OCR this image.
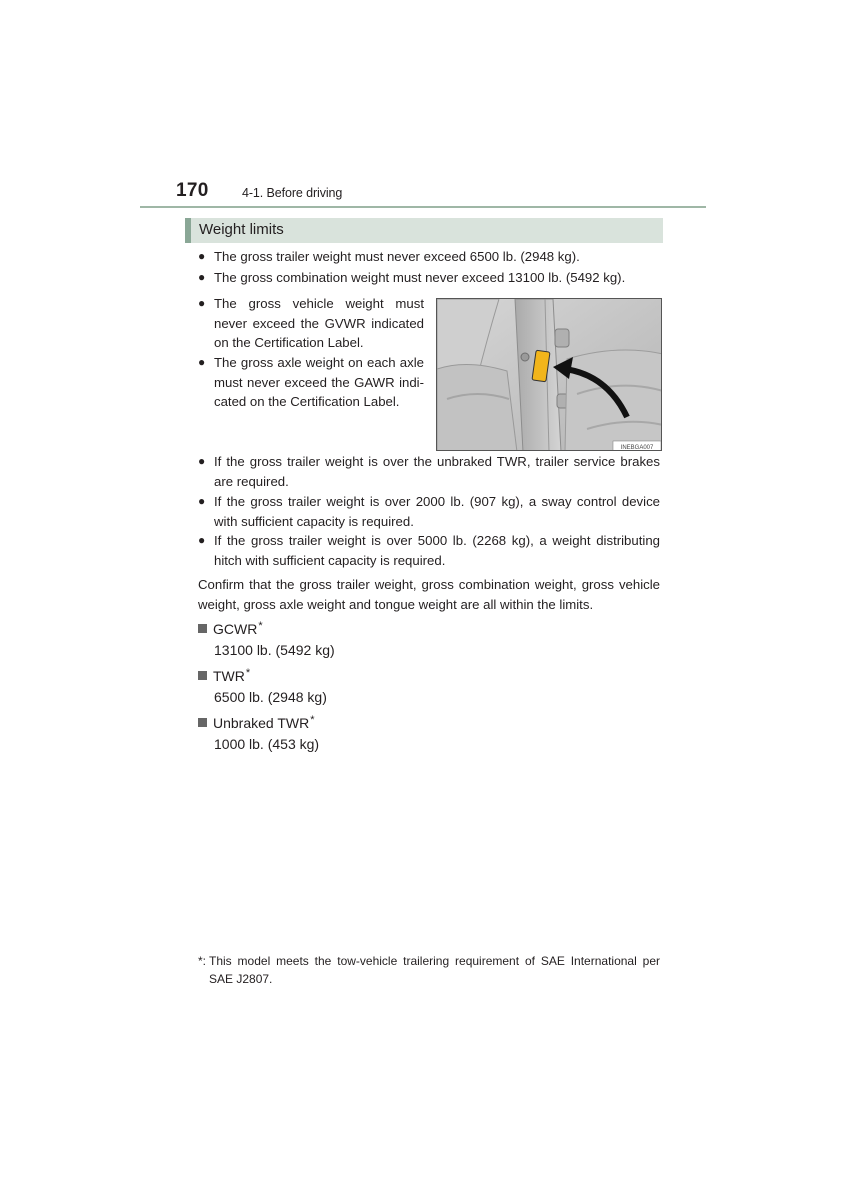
170	4-1. Before driving
Weight limits
● The gross trailer weight must never exceed 6500 lb. (2948 kg).
● The gross combination weight must never exceed 13100 lb. (5492 kg).
● The gross vehicle weight must never exceed the GVWR indicated on the Certification Label.
● The gross axle weight on each axle must never exceed the GAWR indi-cated on the Certification Label.
INEBGA007
● If the gross trailer weight is over the unbraked TWR, trailer service brakes are required.
● If the gross trailer weight is over 2000 lb. (907 kg), a sway control device with sufficient capacity is required.
● If the gross trailer weight is over 5000 lb. (2268 kg), a weight distributing hitch with sufficient capacity is required.
Confirm that the gross trailer weight, gross combination weight, gross vehicle weight, gross axle weight and tongue weight are all within the limits.
GCWR*
13100 lb. (5492 kg)
TWR*
6500 lb. (2948 kg)
Unbraked TWR*
1000 lb. (453 kg)
*: This model meets the tow-vehicle trailering requirement of SAE International per SAE J2807.
